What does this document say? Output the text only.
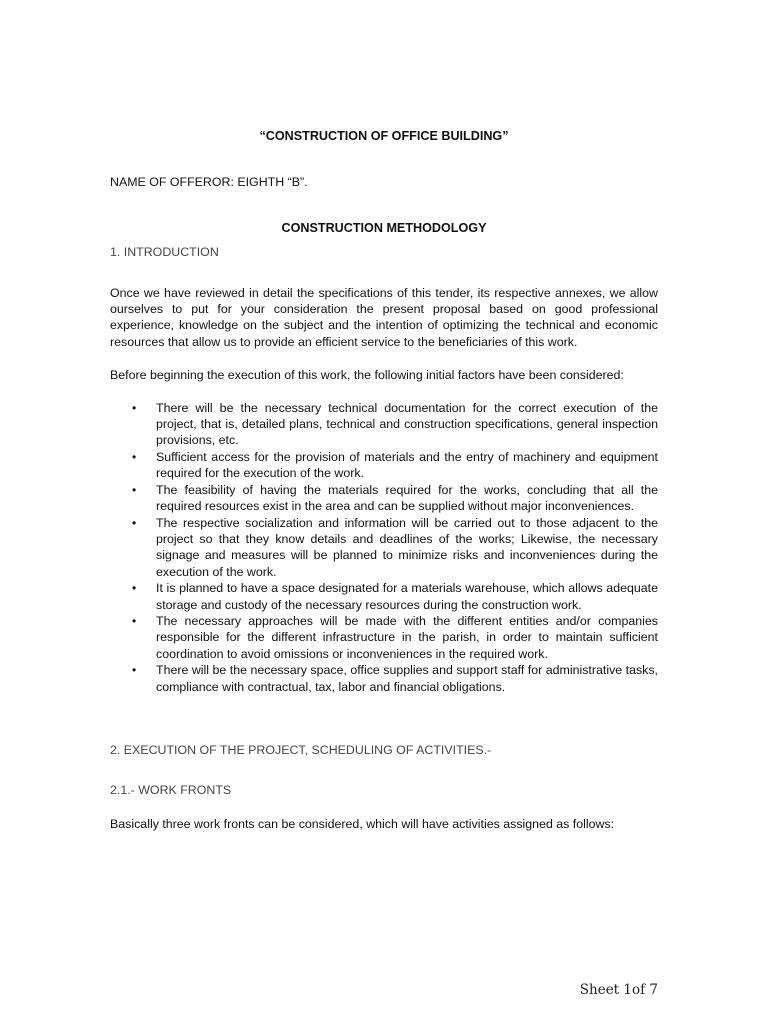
“CONSTRUCTION OF OFFICE BUILDING”

NAME OF OFFEROR: EIGHTH “B”.

CONSTRUCTION METHODOLOGY

1. INTRODUCTION

Once we have reviewed in detail the specifications of this tender, its respective annexes, we allow ourselves to put for your consideration the present proposal based on good professional experience, knowledge on the subject and the intention of optimizing the technical and economic resources that allow us to provide an efficient service to the beneficiaries of this work.

Before beginning the execution of this work, the following initial factors have been considered:

• There will be the necessary technical documentation for the correct execution of the project, that is, detailed plans, technical and construction specifications, general inspection provisions, etc.
• Sufficient access for the provision of materials and the entry of machinery and equipment required for the execution of the work.
• The feasibility of having the materials required for the works, concluding that all the required resources exist in the area and can be supplied without major inconveniences.
• The respective socialization and information will be carried out to those adjacent to the project so that they know details and deadlines of the works; Likewise, the necessary signage and measures will be planned to minimize risks and inconveniences during the execution of the work.
• It is planned to have a space designated for a materials warehouse, which allows adequate storage and custody of the necessary resources during the construction work.
• The necessary approaches will be made with the different entities and/or companies responsible for the different infrastructure in the parish, in order to maintain sufficient coordination to avoid omissions or inconveniences in the required work.
• There will be the necessary space, office supplies and support staff for administrative tasks, compliance with contractual, tax, labor and financial obligations.

2. EXECUTION OF THE PROJECT, SCHEDULING OF ACTIVITIES.-

2.1.- WORK FRONTS

Basically three work fronts can be considered, which will have activities assigned as follows:

Sheet 1of 7
